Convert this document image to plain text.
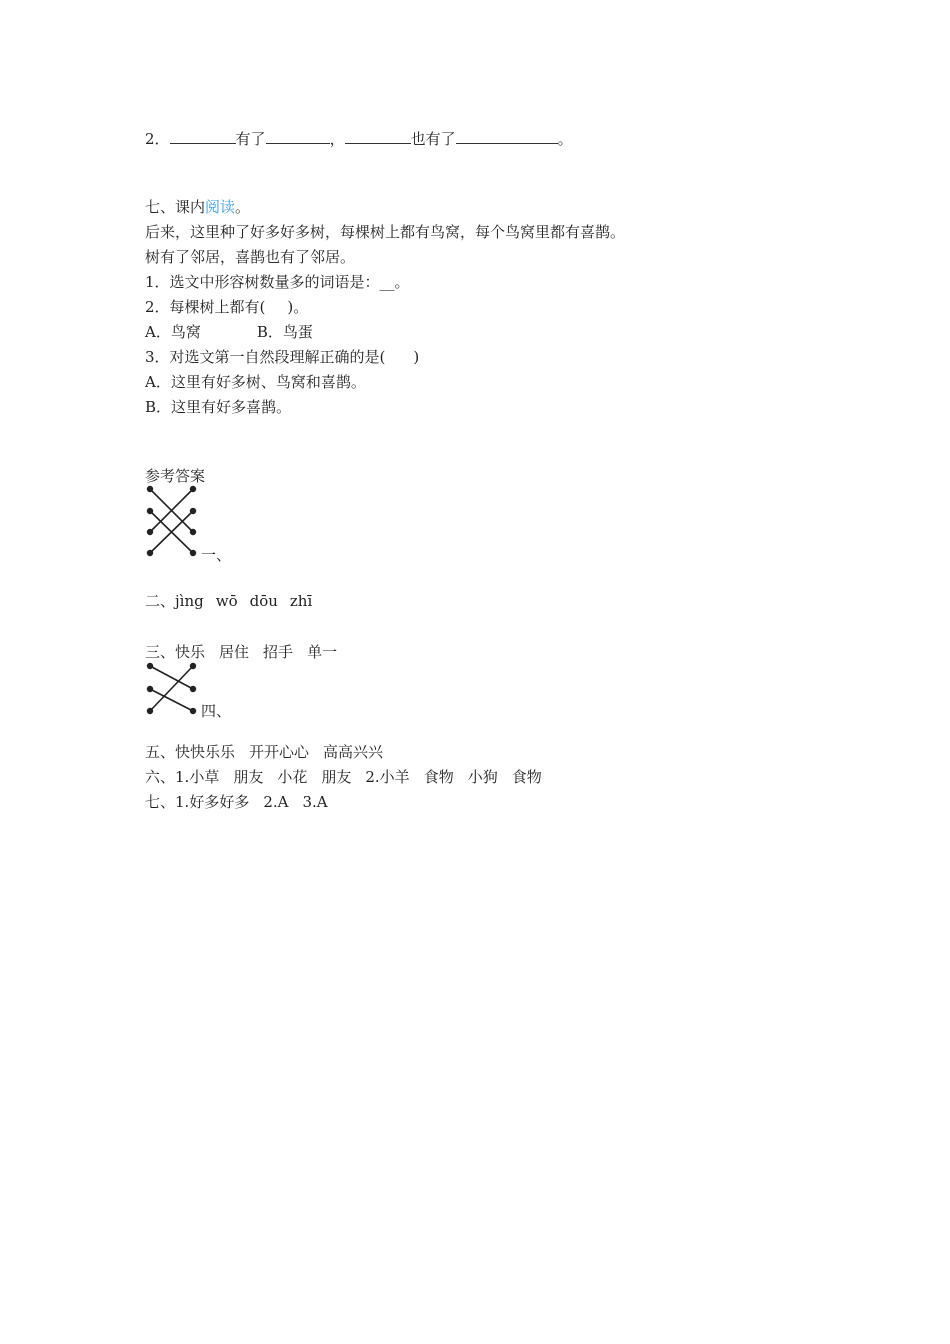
2．	有了	，	也有了	。
七、课内阅读。
后来，这里种了好多好多树，每棵树上都有鸟窝，每个鸟窝里都有喜鹊。
树有了邻居，喜鹊也有了邻居。
1．选文中形容树数量多的词语是：__。
2．每棵树上都有( )。
A．鸟窝	B．鸟蛋
3．对选文第一自然段理解正确的是( )
A．这里有好多树、鸟窝和喜鹊。
B．这里有好多喜鹊。
参考答案
一、
二、jìng wō dōu zhī
三、快乐 居住 招手 单一
四、
五、快快乐乐 开开心心 高高兴兴
六、1.小草 朋友 小花 朋友 2.小羊 食物 小狗 食物
七、1.好多好多 2.A 3.A
